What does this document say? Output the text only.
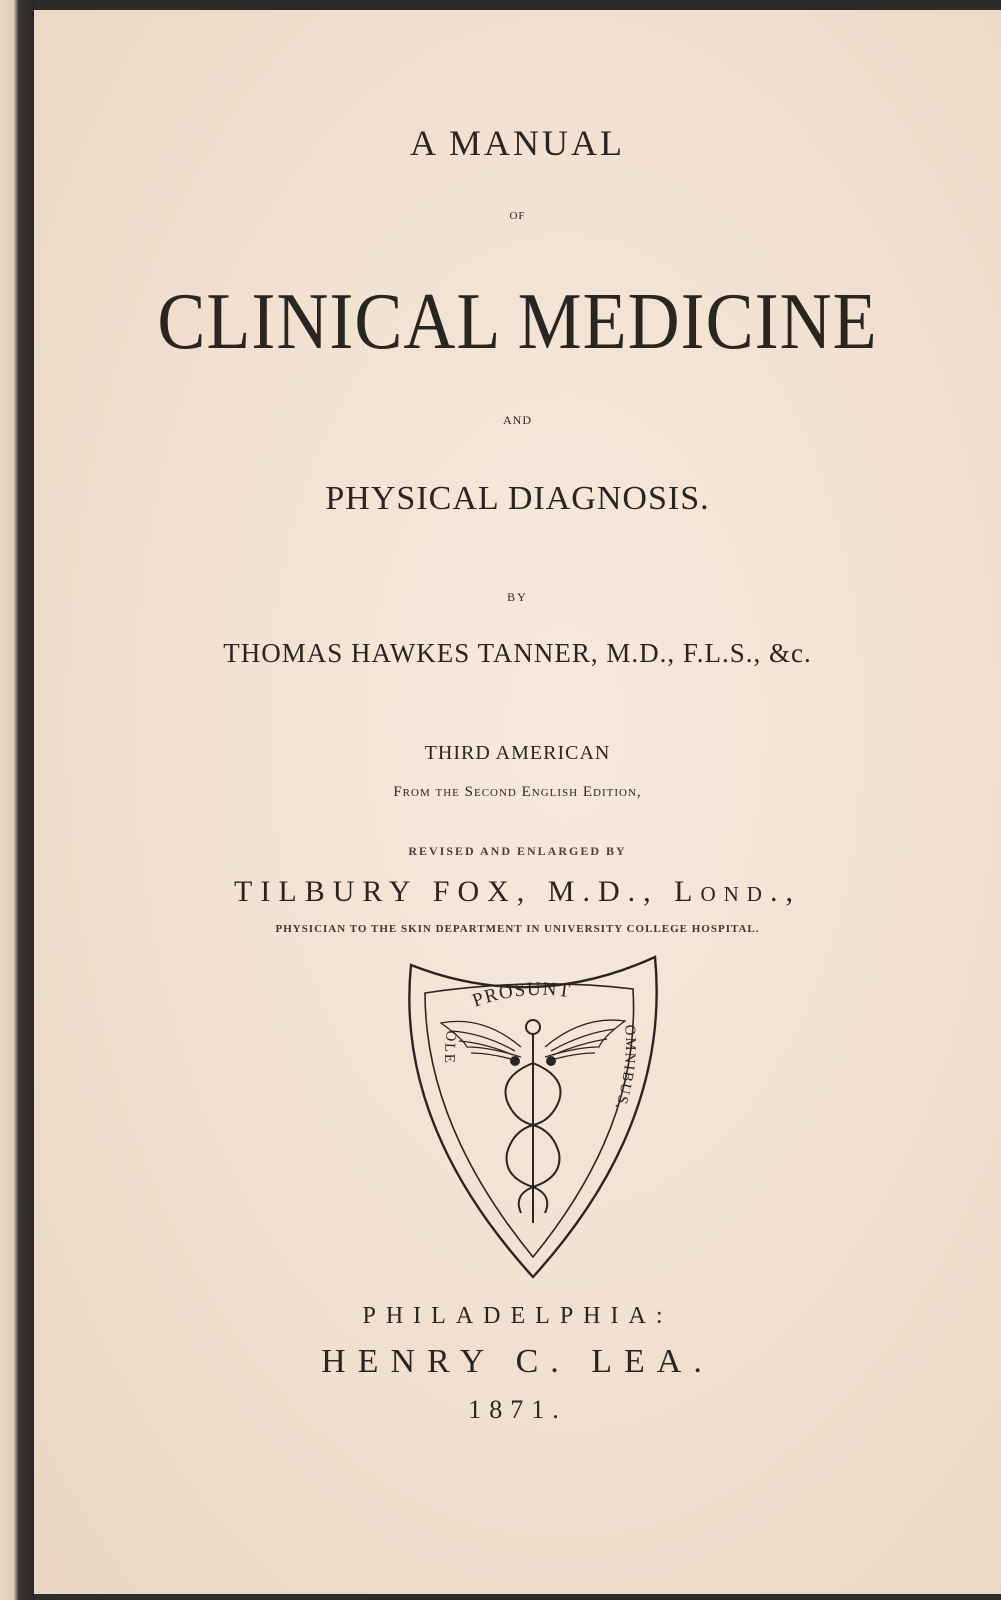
A MANUAL
OF
CLINICAL MEDICINE
AND
PHYSICAL DIAGNOSIS.
BY
THOMAS HAWKES TANNER, M.D., F.L.S., &c.
THIRD AMERICAN
From the Second English Edition,
REVISED AND ENLARGED BY
TILBURY FOX, M.D., Lond.,
PHYSICIAN TO THE SKIN DEPARTMENT IN UNIVERSITY COLLEGE HOSPITAL.
PROSUNT
OLE
OMNIBUS.
PHILADELPHIA:
HENRY C. LEA.
1871.
